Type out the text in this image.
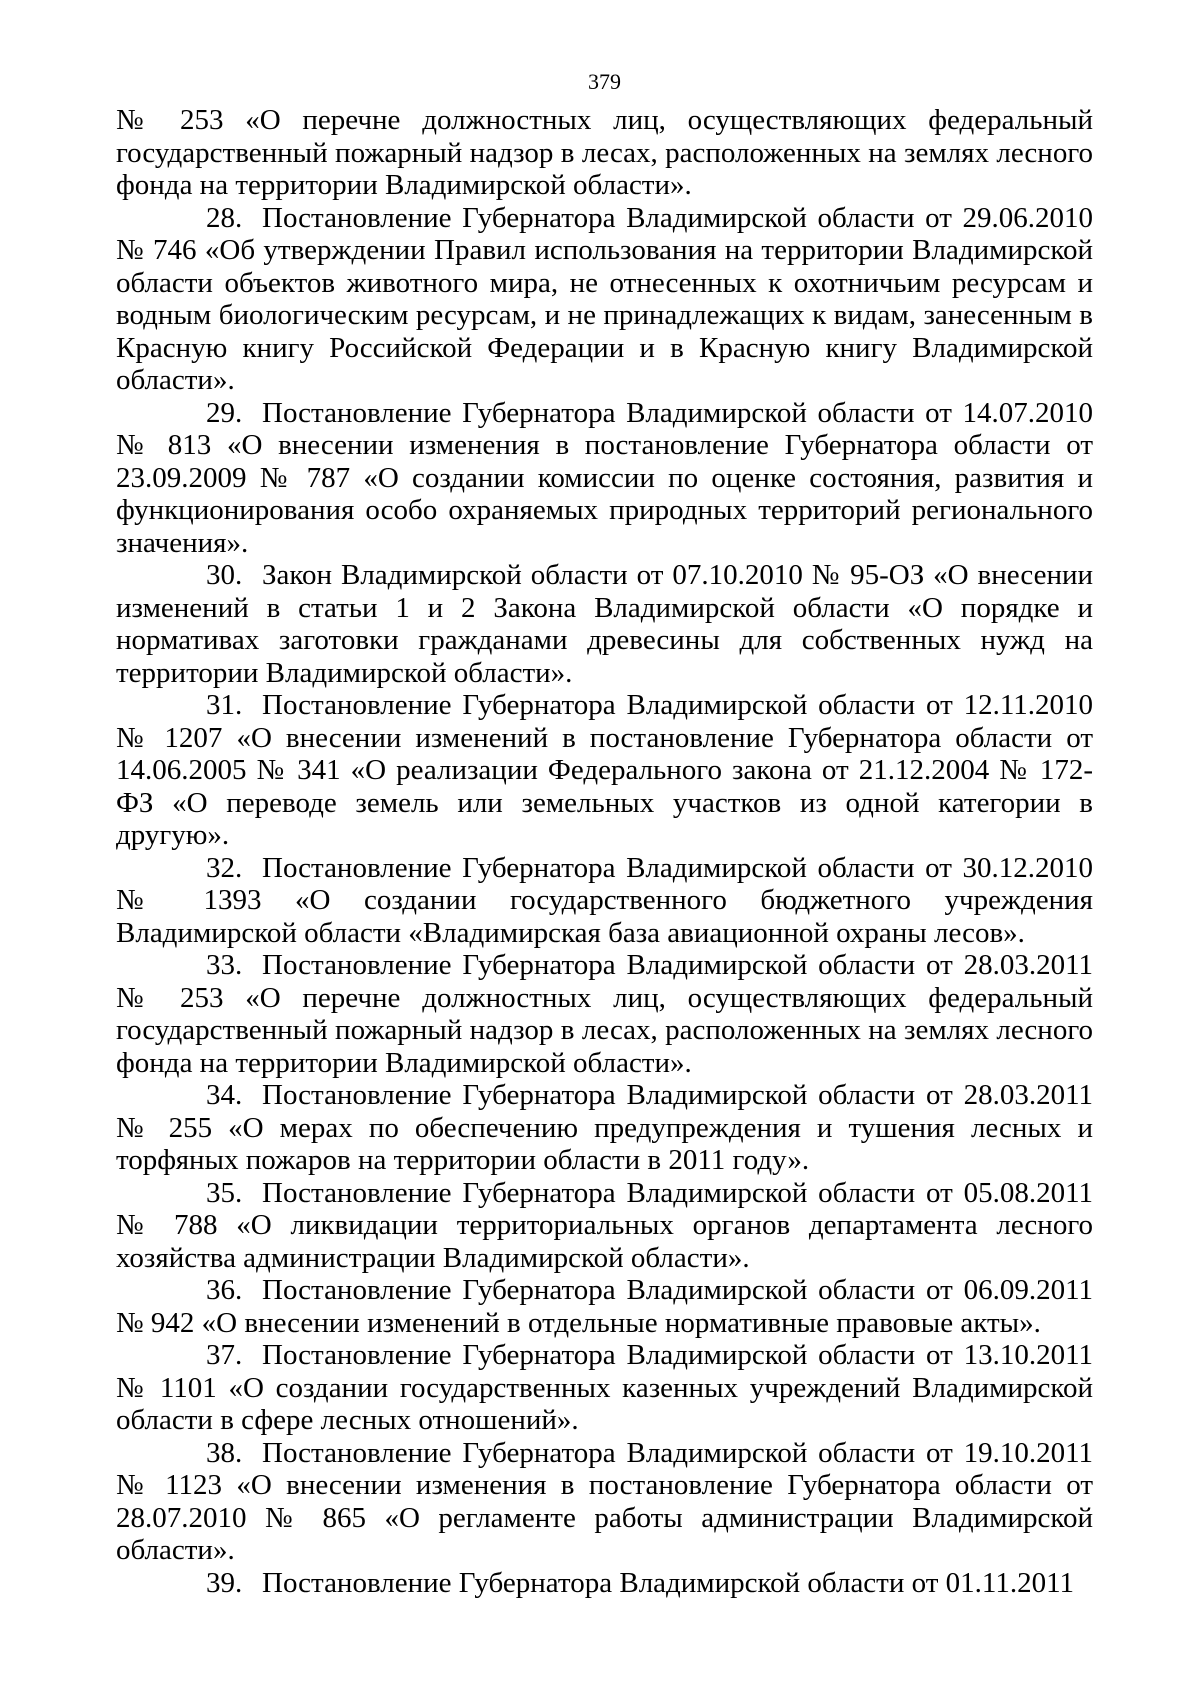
379

№ 253 «О перечне должностных лиц, осуществляющих федеральный государственный пожарный надзор в лесах, расположенных на землях лесного фонда на территории Владимирской области».

28. Постановление Губернатора Владимирской области от 29.06.2010 № 746 «Об утверждении Правил использования на территории Владимирской области объектов животного мира, не отнесенных к охотничьим ресурсам и водным биологическим ресурсам, и не принадлежащих к видам, занесенным в Красную книгу Российской Федерации и в Красную книгу Владимирской области».

29. Постановление Губернатора Владимирской области от 14.07.2010 № 813 «О внесении изменения в постановление Губернатора области от 23.09.2009 № 787 «О создании комиссии по оценке состояния, развития и функционирования особо охраняемых природных территорий регионального значения».

30. Закон Владимирской области от 07.10.2010 № 95-ОЗ «О внесении изменений в статьи 1 и 2 Закона Владимирской области «О порядке и нормативах заготовки гражданами древесины для собственных нужд на территории Владимирской области».

31. Постановление Губернатора Владимирской области от 12.11.2010 № 1207 «О внесении изменений в постановление Губернатора области от 14.06.2005 № 341 «О реализации Федерального закона от 21.12.2004 № 172-ФЗ «О переводе земель или земельных участков из одной категории в другую».

32. Постановление Губернатора Владимирской области от 30.12.2010 № 1393 «О создании государственного бюджетного учреждения Владимирской области «Владимирская база авиационной охраны лесов».

33. Постановление Губернатора Владимирской области от 28.03.2011 № 253 «О перечне должностных лиц, осуществляющих федеральный государственный пожарный надзор в лесах, расположенных на землях лесного фонда на территории Владимирской области».

34. Постановление Губернатора Владимирской области от 28.03.2011 № 255 «О мерах по обеспечению предупреждения и тушения лесных и торфяных пожаров на территории области в 2011 году».

35. Постановление Губернатора Владимирской области от 05.08.2011 № 788 «О ликвидации территориальных органов департамента лесного хозяйства администрации Владимирской области».

36. Постановление Губернатора Владимирской области от 06.09.2011 № 942 «О внесении изменений в отдельные нормативные правовые акты».

37. Постановление Губернатора Владимирской области от 13.10.2011 № 1101 «О создании государственных казенных учреждений Владимирской области в сфере лесных отношений».

38. Постановление Губернатора Владимирской области от 19.10.2011 № 1123 «О внесении изменения в постановление Губернатора области от 28.07.2010 № 865 «О регламенте работы администрации Владимирской области».

39. Постановление Губернатора Владимирской области от 01.11.2011
